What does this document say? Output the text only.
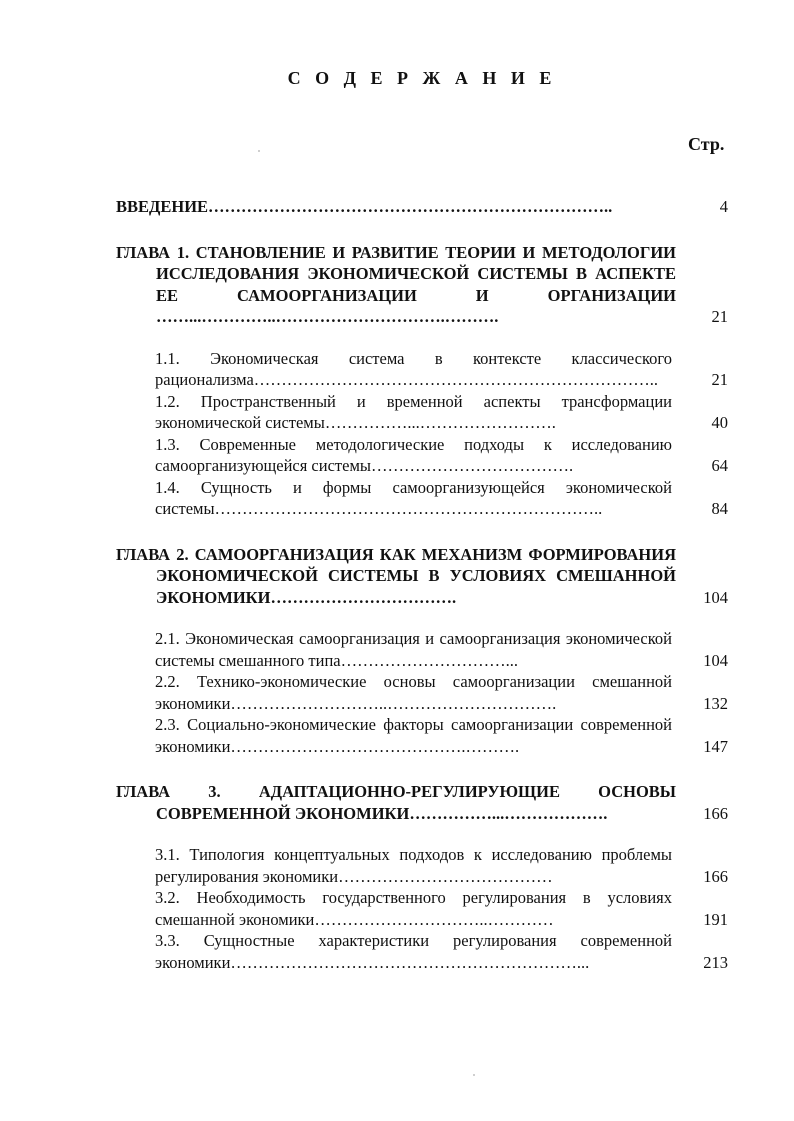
С О Д Е Р Ж А Н И Е
Стр.
ВВЕДЕНИЕ………………………………………………………………..	4
ГЛАВА 1. СТАНОВЛЕНИЕ И РАЗВИТИЕ ТЕОРИИ И МЕТОДОЛОГИИ ИССЛЕДОВАНИЯ ЭКОНОМИЧЕСКОЙ СИСТЕМЫ В АСПЕКТЕ ЕЕ САМООРГАНИЗАЦИИ И ОРГАНИЗАЦИИ ……...…………..………………………….……….	21
1.1. Экономическая система в контексте классического рационализма………………………………………………………………..	21
1.2. Пространственный и временной аспекты трансформации экономической системы……………...…………………….	40
1.3. Современные методологические подходы к исследованию самоорганизующейся системы……………………………….	64
1.4. Сущность и формы самоорганизующейся экономической системы……………………………………………………………..	84
ГЛАВА 2. САМООРГАНИЗАЦИЯ КАК МЕХАНИЗМ ФОРМИРОВАНИЯ ЭКОНОМИЧЕСКОЙ СИСТЕМЫ В УСЛОВИЯХ СМЕШАННОЙ ЭКОНОМИКИ…………………………….	104
2.1. Экономическая самоорганизация и самоорганизация экономической системы смешанного типа…………………………...	104
2.2. Технико-экономические основы самоорганизации смешанной экономики………………………..………………………….	132
2.3. Социально-экономические факторы самоорганизации современной экономики…………………………………….……….	147
ГЛАВА 3. АДАПТАЦИОННО-РЕГУЛИРУЮЩИЕ ОСНОВЫ СОВРЕМЕННОЙ ЭКОНОМИКИ……………...……………….	166
3.1. Типология концептуальных подходов к исследованию проблемы регулирования экономики…………………………………	166
3.2. Необходимость государственного регулирования в условиях смешанной экономики…………………………..…………	191
3.3. Сущностные характеристики регулирования современной экономики………………………………………………………...	213
